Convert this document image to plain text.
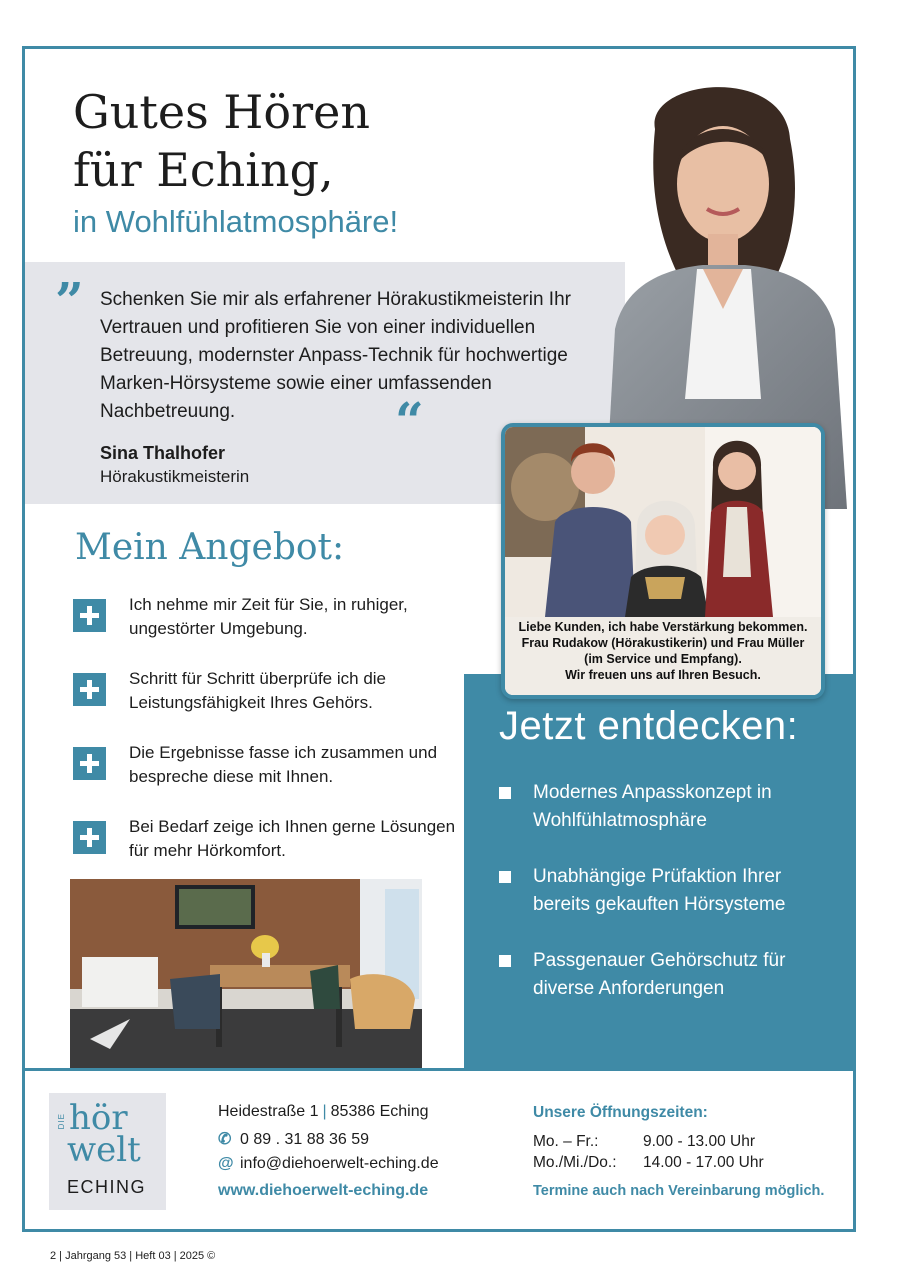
Gutes Hören
für Eching,
in Wohlfühlatmosphäre!
” Schenken Sie mir als erfahrener Hörakustikmeisterin Ihr Vertrauen und profitieren Sie von einer individuellen Betreuung, modernster Anpass-Technik für hochwertige Marken-Hörsysteme sowie einer umfassenden Nachbetreuung.	“
Sina Thalhofer
Hörakustikmeisterin
Mein Angebot:
Ich nehme mir Zeit für Sie, in ruhiger, ungestörter Umgebung.
Schritt für Schritt überprüfe ich die Leistungsfähigkeit Ihres Gehörs.
Die Ergebnisse fasse ich zusammen und bespreche diese mit Ihnen.
Bei Bedarf zeige ich Ihnen gerne Lösungen für mehr Hörkomfort.
Jetzt entdecken:
Modernes Anpasskonzept in Wohlfühlatmosphäre
Unabhängige Prüfaktion Ihrer bereits gekauften Hörsysteme
Passgenauer Gehörschutz für diverse Anforderungen
Liebe Kunden, ich habe Verstärkung bekommen.
Frau Rudakow (Hörakustikerin) und Frau Müller
(im Service und Empfang).
Wir freuen uns auf Ihren Besuch.
DIE hör
welt
ECHING
Heidestraße 1 | 85386 Eching
✆ 0 89 . 31 88 36 59
@ info@diehoerwelt-eching.de
www.diehoerwelt-eching.de
Unsere Öffnungszeiten:
Mo. – Fr.:	9.00 - 13.00 Uhr
Mo./Mi./Do.: 14.00 - 17.00 Uhr
Termine auch nach Vereinbarung möglich.
2 | Jahrgang 53 | Heft 03 | 2025 ©
